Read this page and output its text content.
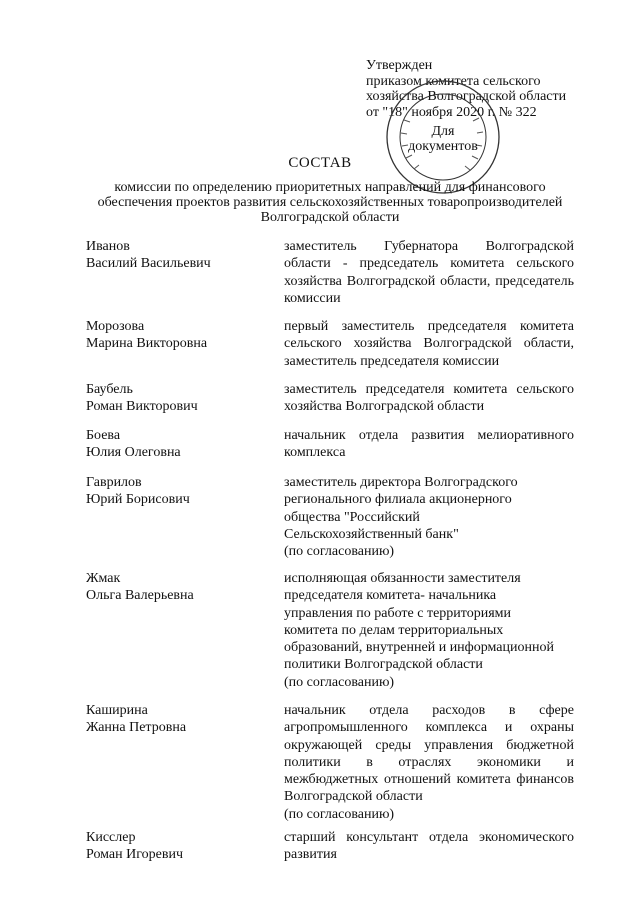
Утвержден
приказом комитета сельского
хозяйства Волгоградской области
от "18" ноября 2020 г. № 322
Для
документов
СОСТАВ
комиссии по определению приоритетных направлений для финансового
обеспечения проектов развития сельскохозяйственных товаропроизводителей
Волгоградской области
Иванов
Василий Васильевич
заместитель Губернатора Волгоградской области - председатель комитета сельского хозяйства Волгоградской области, председатель комиссии
Морозова
Марина Викторовна
первый заместитель председателя комитета сельского хозяйства Волгоградской области, заместитель председателя комиссии
Баубель
Роман Викторович
заместитель председателя комитета сельского хозяйства Волгоградской области
Боева
Юлия Олеговна
начальник отдела развития мелиоративного комплекса
Гаврилов
Юрий Борисович
заместитель директора Волгоградского
регионального филиала акционерного
общества "Российский
Сельскохозяйственный банк"
(по согласованию)
Жмак
Ольга Валерьевна
исполняющая обязанности заместителя
председателя комитета- начальника
управления по работе с территориями
комитета по делам территориальных
образований, внутренней и информационной
политики Волгоградской области
(по согласованию)
Каширина
Жанна Петровна
начальник отдела расходов в сфере агропромышленного комплекса и охраны окружающей среды управления бюджетной политики в отраслях экономики и межбюджетных отношений комитета финансов Волгоградской области
(по согласованию)
Кисслер
Роман Игоревич
старший консультант отдела экономического развития
